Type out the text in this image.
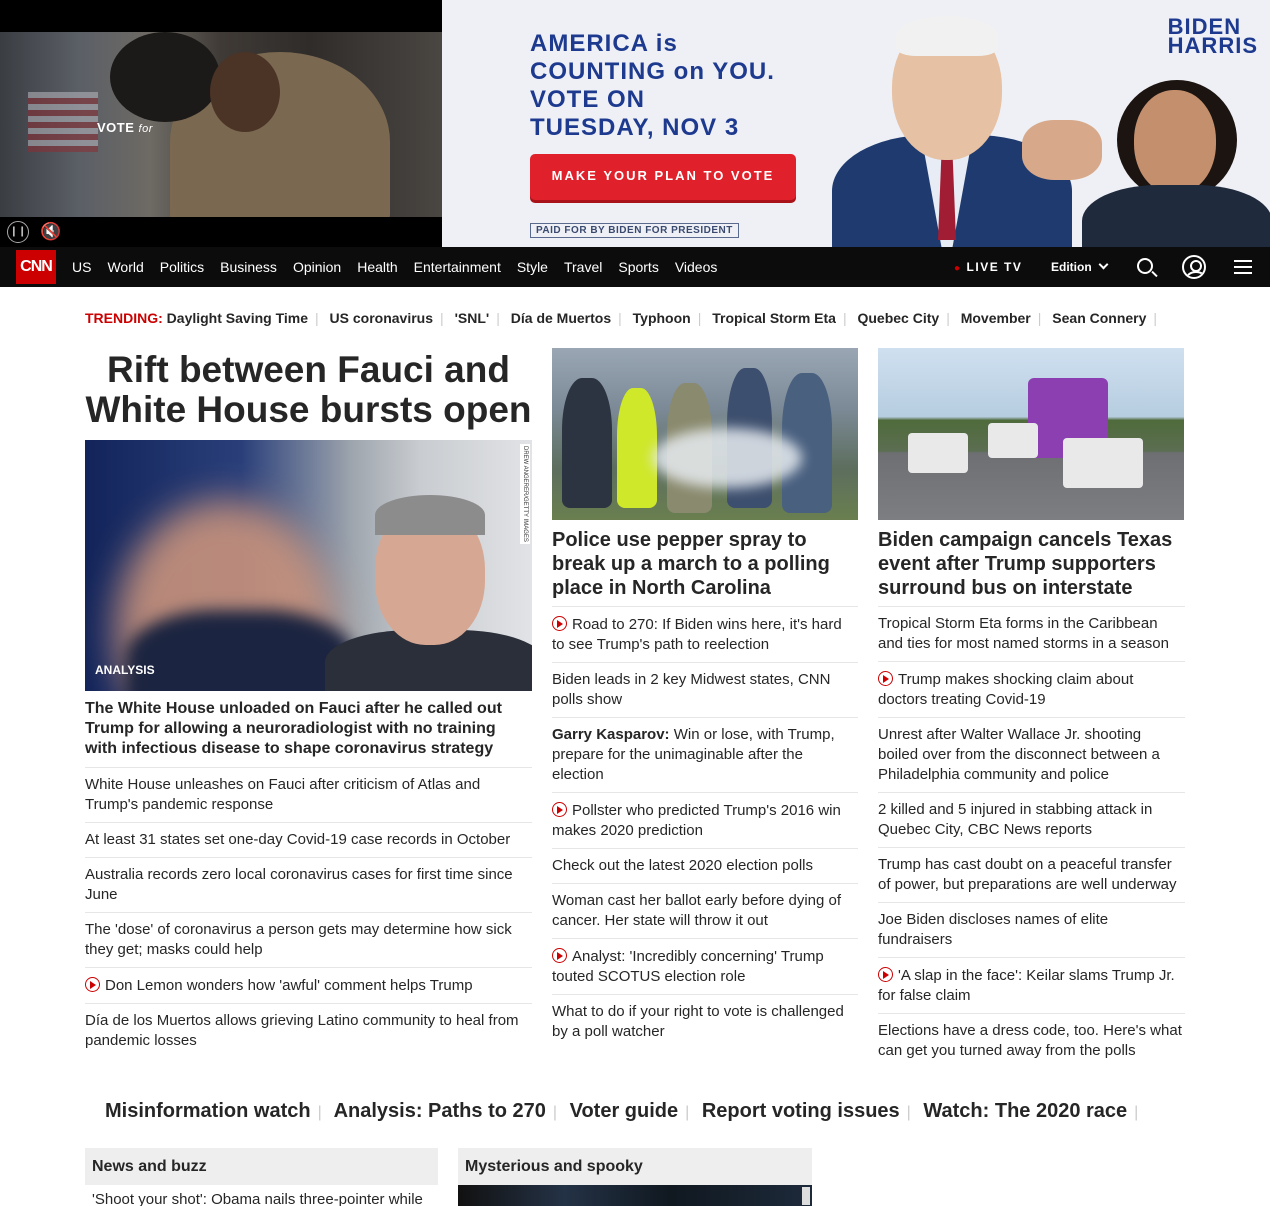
VOTE for
❙❙ 🔇
AMERICA is
COUNTING on YOU.
VOTE ON
TUESDAY, NOV 3
MAKE YOUR PLAN TO VOTE
PAID FOR BY BIDEN FOR PRESIDENT
BIDEN
HARRIS
CNN US World Politics Business Opinion Health Entertainment Style Travel Sports Videos	● LIVE TV Edition
TRENDING: Daylight Saving Time | US coronavirus | 'SNL' | Día de Muertos | Typhoon | Tropical Storm Eta | Quebec City | Movember | Sean Connery |
Rift between Fauci and White House bursts open
DREW ANGERER/GETTY IMAGES
ANALYSIS
The White House unloaded on Fauci after he called out Trump for allowing a neuroradiologist with no training with infectious disease to shape coronavirus strategy
White House unleashes on Fauci after criticism of Atlas and Trump's pandemic response
At least 31 states set one-day Covid-19 case records in October
Australia records zero local coronavirus cases for first time since June
The 'dose' of coronavirus a person gets may determine how sick they get; masks could help
Don Lemon wonders how 'awful' comment helps Trump
Día de los Muertos allows grieving Latino community to heal from pandemic losses
Police use pepper spray to break up a march to a polling place in North Carolina
Road to 270: If Biden wins here, it's hard to see Trump's path to reelection
Biden leads in 2 key Midwest states, CNN polls show
Garry Kasparov: Win or lose, with Trump, prepare for the unimaginable after the election
Pollster who predicted Trump's 2016 win makes 2020 prediction
Check out the latest 2020 election polls
Woman cast her ballot early before dying of cancer. Her state will throw it out
Analyst: 'Incredibly concerning' Trump touted SCOTUS election role
What to do if your right to vote is challenged by a poll watcher
Biden campaign cancels Texas event after Trump supporters surround bus on interstate
Tropical Storm Eta forms in the Caribbean and ties for most named storms in a season
Trump makes shocking claim about doctors treating Covid-19
Unrest after Walter Wallace Jr. shooting boiled over from the disconnect between a Philadelphia community and police
2 killed and 5 injured in stabbing attack in Quebec City, CBC News reports
Trump has cast doubt on a peaceful transfer of power, but preparations are well underway
Joe Biden discloses names of elite fundraisers
'A slap in the face': Keilar slams Trump Jr. for false claim
Elections have a dress code, too. Here's what can get you turned away from the polls
Misinformation watch | Analysis: Paths to 270 | Voter guide | Report voting issues | Watch: The 2020 race |
News and buzz
'Shoot your shot': Obama nails three-pointer while
Mysterious and spooky
